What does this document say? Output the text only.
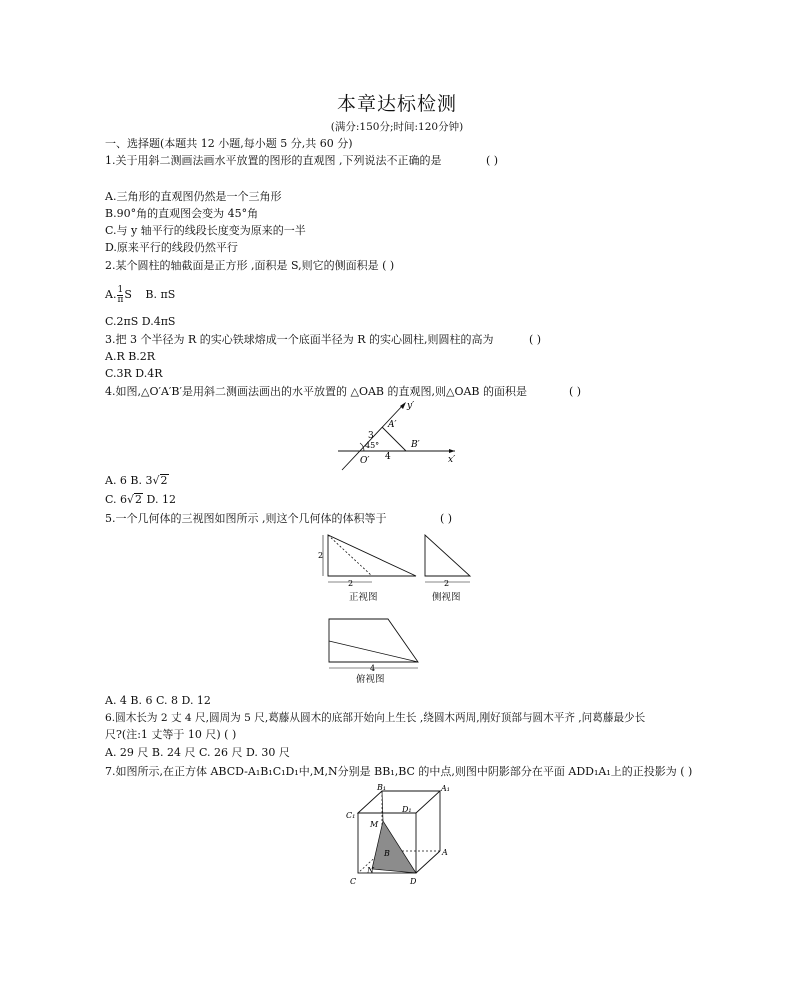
本章达标检测
(满分:150分;时间:120分钟)
一、选择题(本题共 12 小题,每小题 5 分,共 60 分)
1.关于用斜二测画法画水平放置的图形的直观图 ,下列说法不正确的是	( )
A.三角形的直观图仍然是一个三角形
B.90°角的直观图会变为 45°角
C.与 y 轴平行的线段长度变为原来的一半
D.原来平行的线段仍然平行
2.某个圆柱的轴截面是正方形 ,面积是 S,则它的侧面积是 ( )
A. $\frac{1}{\pi}$ S B. πS
C.2πS D.4πS
3.把 3 个半径为 R 的实心铁球熔成一个底面半径为 R 的实心圆柱,则圆柱的高为	( )
A.R B.2R
C.3R D.4R
4.如图,△O′A′B′是用斜二测画法画出的水平放置的 △OAB 的直观图,则△OAB 的面积是	( )
y′
x′
O′
A′
B′
3
4
45°
A. 6 B. 3√2
C. 6√2 D. 12
5.一个几何体的三视图如图所示 ,则这个几何体的体积等于	( )
2
2
正视图
2
侧视图
4
俯视图
A. 4 B. 6 C. 8 D. 12
6.圆木长为 2 丈 4 尺,圆周为 5 尺,葛藤从圆木的底部开始向上生长 ,绕圆木两周,刚好顶部与圆木平齐 ,问葛藤最少长
尺?(注:1 丈等于 10 尺) ( )
A. 29 尺 B. 24 尺 C. 26 尺 D. 30 尺
7.如图所示,在正方体 ABCD-A₁B₁C₁D₁中,M,N分别是 BB₁,BC 的中点,则图中阴影部分在平面 ADD₁A₁上的正投影为 ( )
B₁
D₁
A₁
C₁
M
B	A
N
C	D
